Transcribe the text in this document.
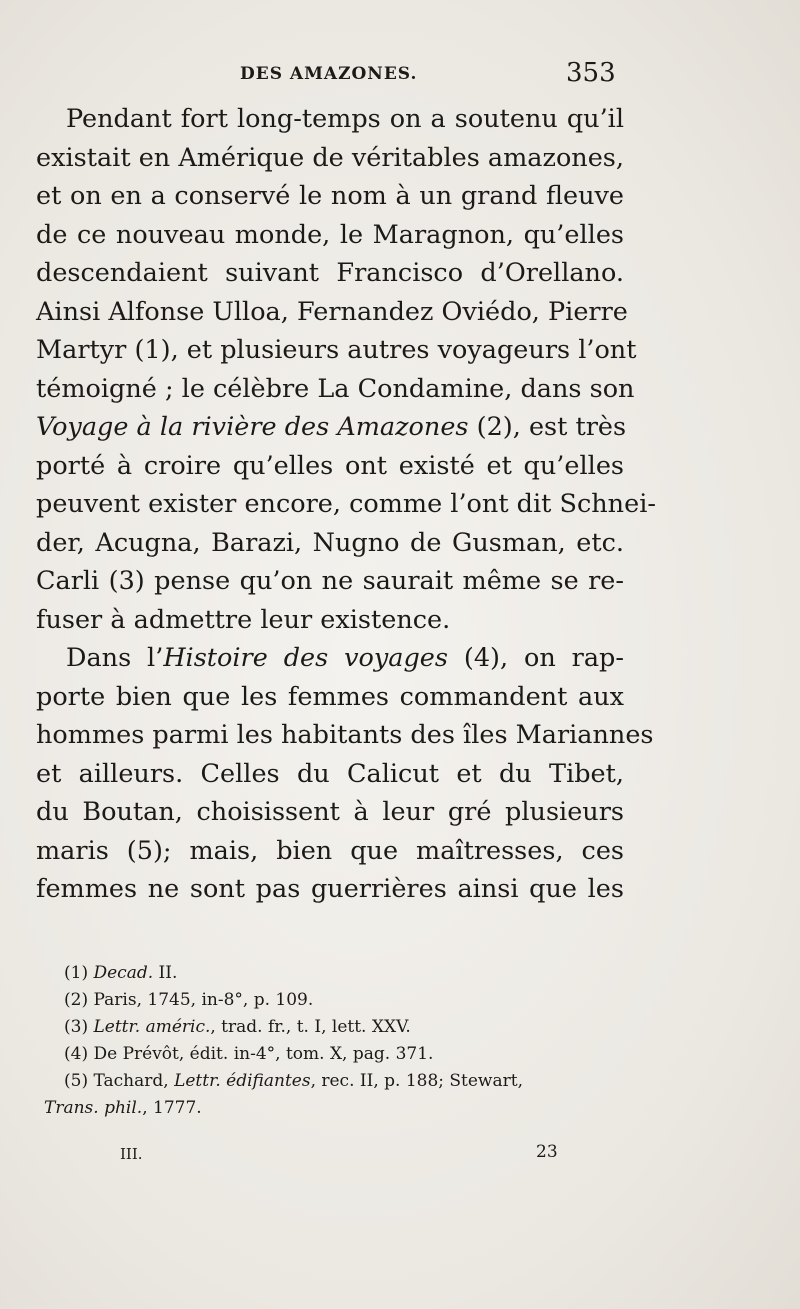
DES AMAZONES.	353
Pendant fort long-temps on a soutenu qu’il
existait en Amérique de véritables amazones,
et on en a conservé le nom à un grand fleuve
de ce nouveau monde, le Maragnon, qu’elles
descendaient suivant Francisco d’Orellano.
Ainsi Alfonse Ulloa, Fernandez Oviédo, Pierre
Martyr (1), et plusieurs autres voyageurs l’ont
témoigné ; le célèbre La Condamine, dans son
Voyage à la rivière des Amazones (2), est très
porté à croire qu’elles ont existé et qu’elles
peuvent exister encore, comme l’ont dit Schnei-
der, Acugna, Barazi, Nugno de Gusman, etc.
Carli (3) pense qu’on ne saurait même se re-
fuser à admettre leur existence.
Dans l’Histoire des voyages (4), on rap-
porte bien que les femmes commandent aux
hommes parmi les habitants des îles Mariannes
et ailleurs. Celles du Calicut et du Tibet,
du Boutan, choisissent à leur gré plusieurs
maris (5); mais, bien que maîtresses, ces
femmes ne sont pas guerrières ainsi que les
(1) Decad. II.
(2) Paris, 1745, in-8°, p. 109.
(3) Lettr. améric., trad. fr., t. I, lett. XXV.
(4) De Prévôt, édit. in-4°, tom. X, pag. 371.
(5) Tachard, Lettr. édifiantes, rec. II, p. 188; Stewart,
Trans. phil., 1777.
III.	23
